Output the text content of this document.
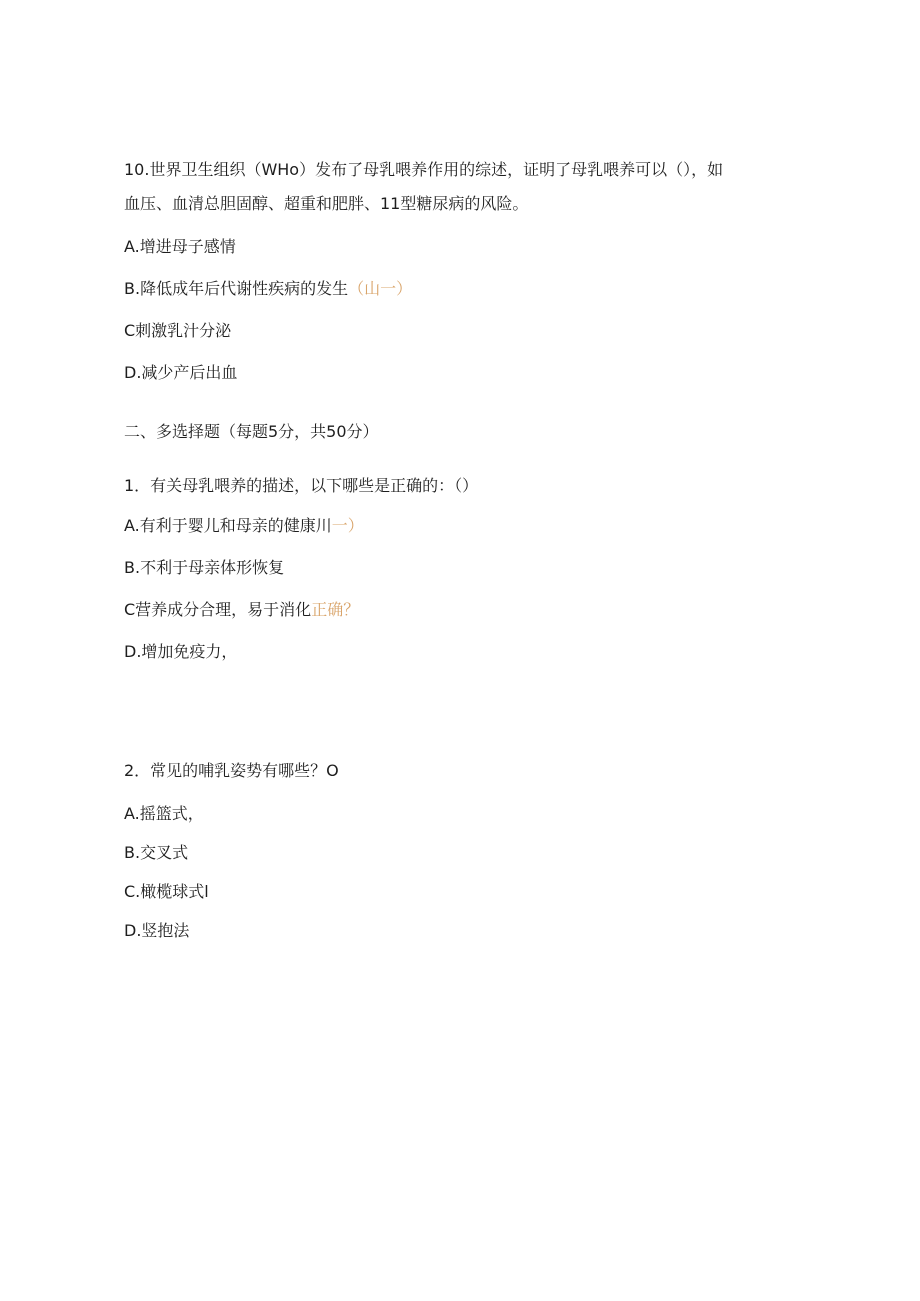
10.世界卫生组织（WHo）发布了母乳喂养作用的综述，证明了母乳喂养可以（），如
血压、血清总胆固醇、超重和肥胖、11型糖尿病的风险。
A.增进母子感情
B.降低成年后代谢性疾病的发生（山一）
C刺激乳汁分泌
D.减少产后出血
二、多选择题（每题5分，共50分）
1．有关母乳喂养的描述，以下哪些是正确的：（）
A.有利于婴儿和母亲的健康川一）
B.不利于母亲体形恢复
C营养成分合理，易于消化正确？
D.增加免疫力，
2．常见的哺乳姿势有哪些？O
A.摇篮式，
B.交叉式
C.橄榄球式l
D.竖抱法
